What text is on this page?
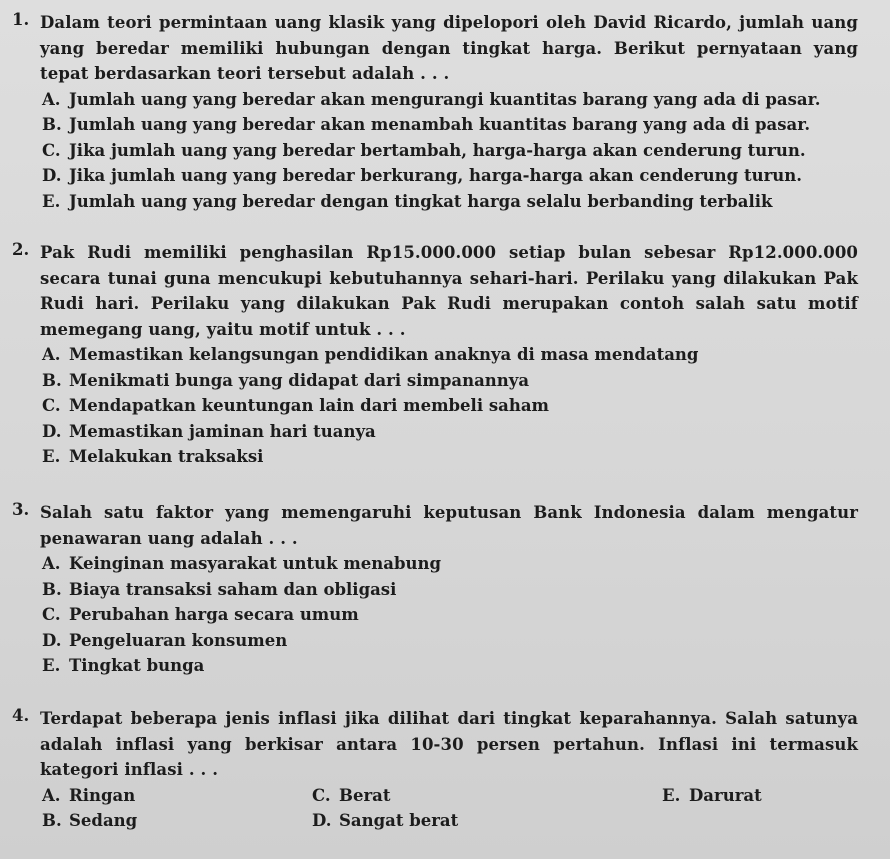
1. Dalam teori permintaan uang klasik yang dipelopori oleh David Ricardo, jumlah uang yang beredar memiliki hubungan dengan tingkat harga. Berikut pernyataan yang tepat berdasarkan teori tersebut adalah . . .
A. Jumlah uang yang beredar akan mengurangi kuantitas barang yang ada di pasar.
B. Jumlah uang yang beredar akan menambah kuantitas barang yang ada di pasar.
C. Jika jumlah uang yang beredar bertambah, harga-harga akan cenderung turun.
D. Jika jumlah uang yang beredar berkurang, harga-harga akan cenderung turun.
E. Jumlah uang yang beredar dengan tingkat harga selalu berbanding terbalik
2. Pak Rudi memiliki penghasilan Rp15.000.000 setiap bulan sebesar Rp12.000.000 secara tunai guna mencukupi kebutuhannya sehari-hari. Perilaku yang dilakukan Pak Rudi hari. Perilaku yang dilakukan Pak Rudi merupakan contoh salah satu motif memegang uang, yaitu motif untuk . . .
A. Memastikan kelangsungan pendidikan anaknya di masa mendatang
B. Menikmati bunga yang didapat dari simpanannya
C. Mendapatkan keuntungan lain dari membeli saham
D. Memastikan jaminan hari tuanya
E. Melakukan traksaksi
3. Salah satu faktor yang memengaruhi keputusan Bank Indonesia dalam mengatur penawaran uang adalah . . .
A. Keinginan masyarakat untuk menabung
B. Biaya transaksi saham dan obligasi
C. Perubahan harga secara umum
D. Pengeluaran konsumen
E. Tingkat bunga
4. Terdapat beberapa jenis inflasi jika dilihat dari tingkat keparahannya. Salah satunya adalah inflasi yang berkisar antara 10-30 persen pertahun. Inflasi ini termasuk kategori inflasi . . .
A. Ringan	C. Berat	E. Darurat
B. Sedang	D. Sangat berat
